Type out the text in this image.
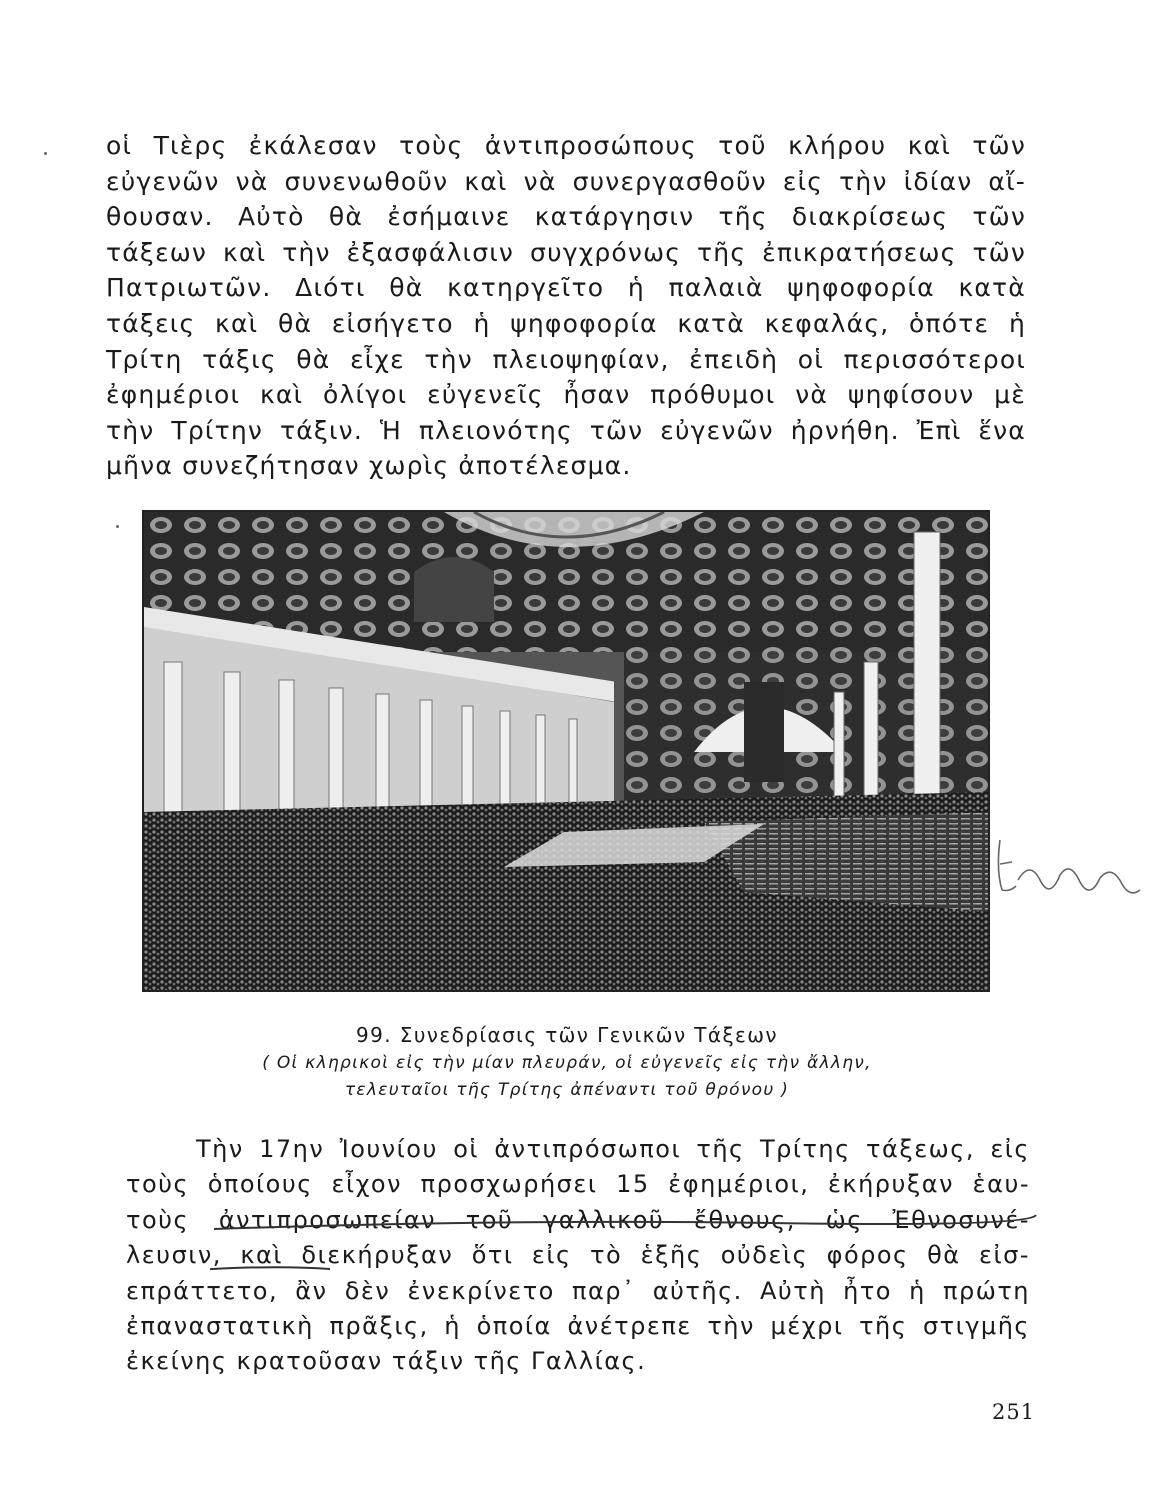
οἱ Τιὲρς ἐκάλεσαν τοὺς ἀντιπροσώπους τοῦ κλήρου καὶ τῶν
εὐγενῶν νὰ συνενωθοῦν καὶ νὰ συνεργασθοῦν εἰς τὴν ἰδίαν αἴ-
θουσαν. Αὐτὸ θὰ ἐσήμαινε κατάργησιν τῆς διακρίσεως τῶν
τάξεων καὶ τὴν ἐξασφάλισιν συγχρόνως τῆς ἐπικρατήσεως τῶν
Πατριωτῶν. Διότι θὰ κατηργεῖτο ἡ παλαιὰ ψηφοφορία κατὰ
τάξεις καὶ θὰ εἰσήγετο ἡ ψηφοφορία κατὰ κεφαλάς, ὁπότε ἡ
Τρίτη τάξις θὰ εἶχε τὴν πλειοψηφίαν, ἐπειδὴ οἱ περισσότεροι
ἐφημέριοι καὶ ὀλίγοι εὐγενεῖς ἦσαν πρόθυμοι νὰ ψηφίσουν μὲ
τὴν Τρίτην τάξιν. Ἡ πλειονότης τῶν εὐγενῶν ἠρνήθη. Ἐπὶ ἕνα
μῆνα συνεζήτησαν χωρὶς ἀποτέλεσμα.
99. Συνεδρίασις τῶν Γενικῶν Τάξεων
( Οἱ κληρικοὶ εἰς τὴν μίαν πλευράν, οἱ εὐγενεῖς εἰς τὴν ἄλλην,
τελευταῖοι τῆς Τρίτης ἀπέναντι τοῦ θρόνου )
Τὴν 17ην Ἰουνίου οἱ ἀντιπρόσωποι τῆς Τρίτης τάξεως, εἰς
τοὺς ὁποίους εἶχον προσχωρήσει 15 ἐφημέριοι, ἐκήρυξαν ἑαυ-
τοὺς ἀντιπροσωπείαν τοῦ γαλλικοῦ ἔθνους, ὡς Ἐθνοσυνέ-
λευσιν, καὶ διεκήρυξαν ὅτι εἰς τὸ ἑξῆς οὐδεὶς φόρος θὰ εἰσ-
επράττετο, ἂν δὲν ἐνεκρίνετο παρ᾽ αὐτῆς. Αὐτὴ ἦτο ἡ πρώτη
ἐπαναστατικὴ πρᾶξις, ἡ ὁποία ἀνέτρεπε τὴν μέχρι τῆς στιγμῆς
ἐκείνης κρατοῦσαν τάξιν τῆς Γαλλίας.
251
